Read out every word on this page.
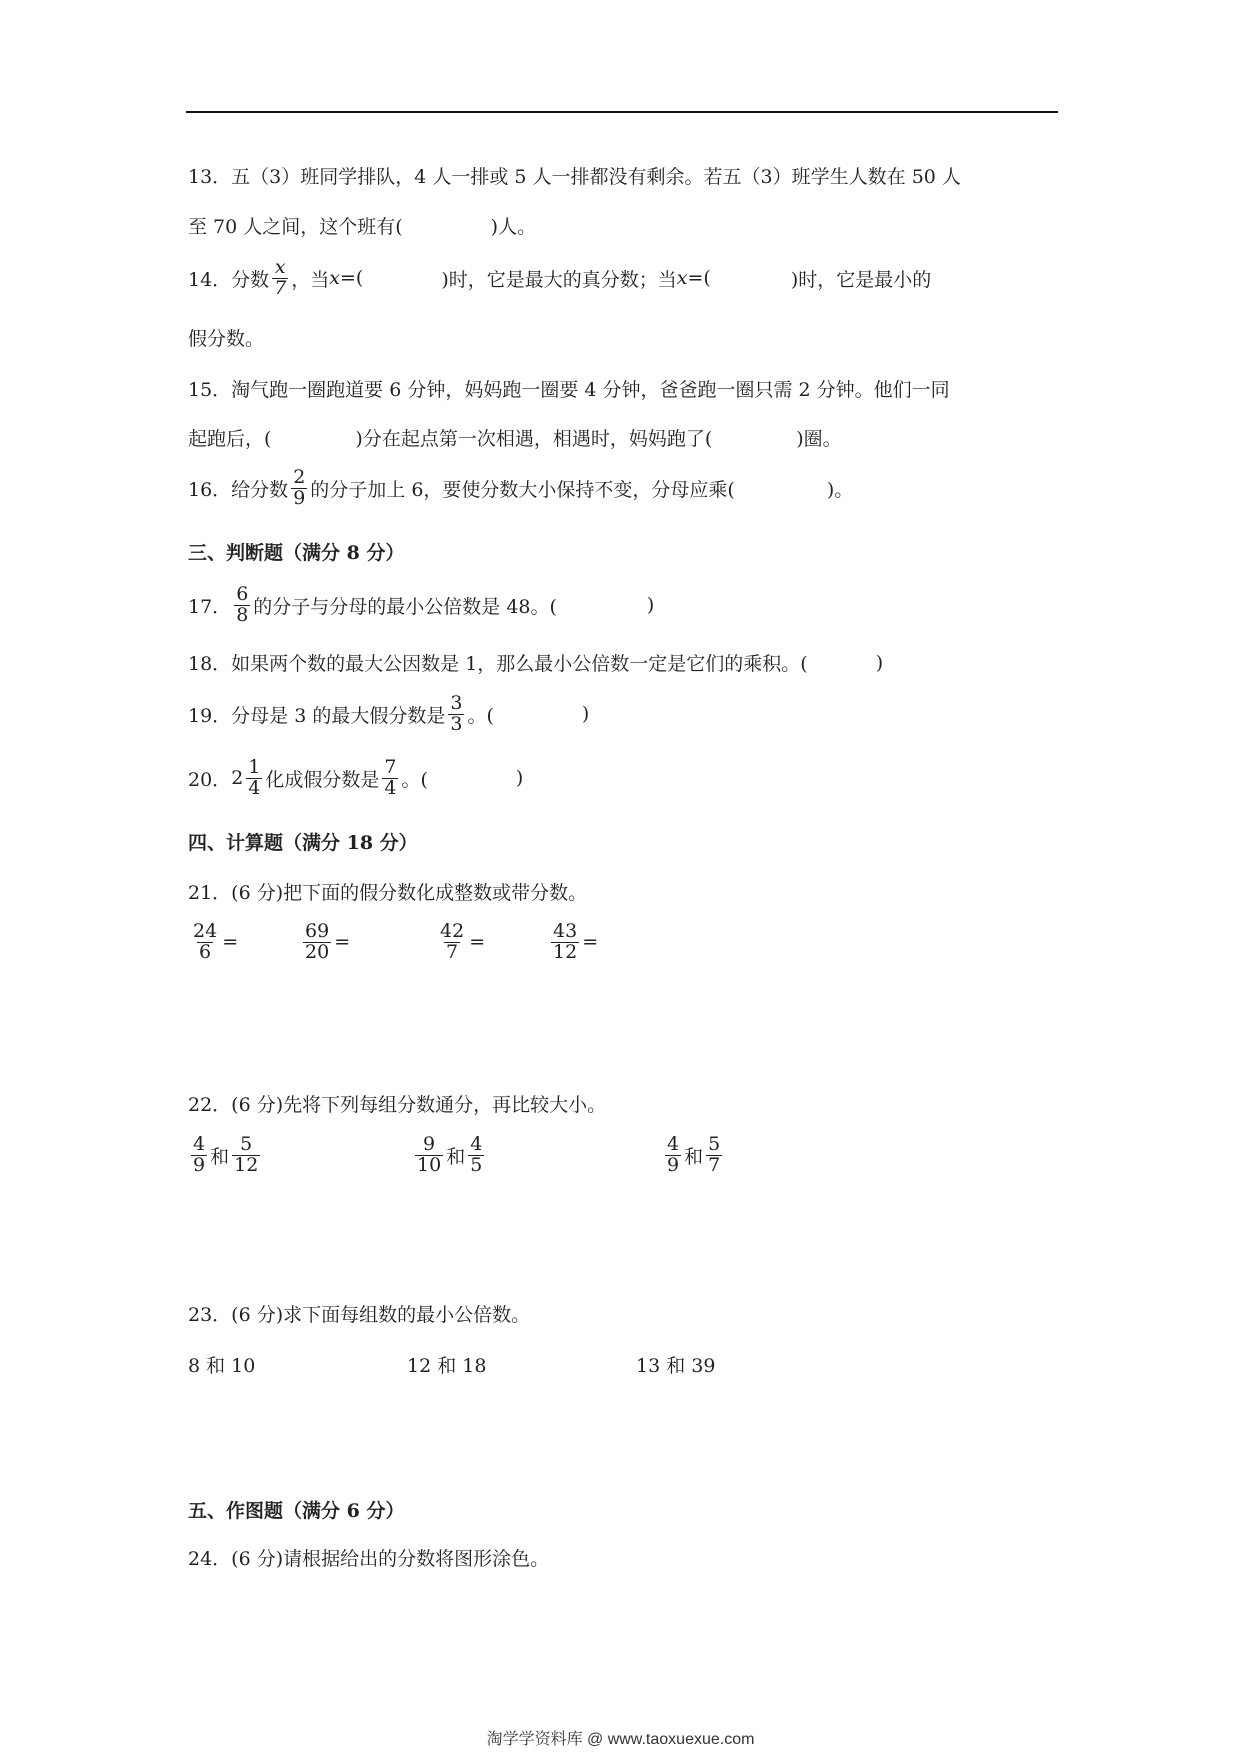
13．五（3）班同学排队，4 人一排或 5 人一排都没有剩余。若五（3）班学生人数在 50 人
至 70 人之间，这个班有(	)人。
14．分数 $\frac{x}{7}$ ，当 x =(	)时，它是最大的真分数；当 x =(	)时，它是最小的
假分数。
15．淘气跑一圈跑道要 6 分钟，妈妈跑一圈要 4 分钟，爸爸跑一圈只需 2 分钟。他们一同
起跑后，(	)分在起点第一次相遇，相遇时，妈妈跑了(	)圈。
16．给分数 $\frac{2}{9}$ 的分子加上 6，要使分数大小保持不变，分母应乘(	)。
三、判断题（满分 8 分）
17． $\frac{6}{8}$ 的分子与分母的最小公倍数是 48。(	)
18．如果两个数的最大公因数是 1，那么最小公倍数一定是它们的乘积。(	)
19．分母是 3 的最大假分数是 $\frac{3}{3}$ 。(	)
20． $2 \frac{1}{4}$ 化成假分数是 $\frac{7}{4}$ 。(	)
四、计算题（满分 18 分）
21．(6 分)把下面的假分数化成整数或带分数。
$\frac{24}{6}$ =	$\frac{69}{20}$ =	$\frac{42}{7}$ =	$\frac{43}{12}$ =
22．(6 分)先将下列每组分数通分，再比较大小。
$\frac{4}{9}$ 和 $\frac{5}{12}$	$\frac{9}{10}$ 和 $\frac{4}{5}$	$\frac{4}{9}$ 和 $\frac{5}{7}$
23．(6 分)求下面每组数的最小公倍数。
8 和 10	12 和 18	13 和 39
五、作图题（满分 6 分）
24．(6 分)请根据给出的分数将图形涂色。
淘学学资料库 @ www.taoxuexue.com
